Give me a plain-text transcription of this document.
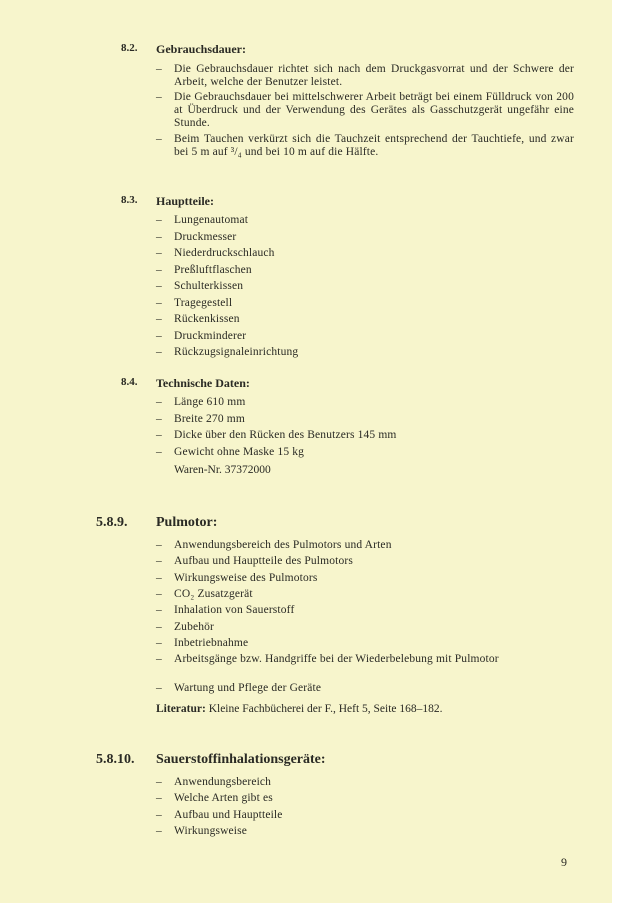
8.2. Gebrauchsdauer:
– Die Gebrauchsdauer richtet sich nach dem Druckgasvorrat und der Schwere der Arbeit, welche der Benutzer leistet.
– Die Gebrauchsdauer bei mittelschwerer Arbeit beträgt bei einem Fülldruck von 200 at Überdruck und der Verwendung des Gerätes als Gasschutzgerät ungefähr eine Stunde.
– Beim Tauchen verkürzt sich die Tauchzeit entsprechend der Tauchtiefe, und zwar bei 5 m auf ³/₄ und bei 10 m auf die Hälfte.
8.3. Hauptteile:
– Lungenautomat
– Druckmesser
– Niederdruckschlauch
– Preßluftflaschen
– Schulterkissen
– Tragegestell
– Rückenkissen
– Druckminderer
– Rückzugsignaleinrichtung
8.4. Technische Daten:
– Länge 610 mm
– Breite 270 mm
– Dicke über den Rücken des Benutzers 145 mm
– Gewicht ohne Maske 15 kg
Waren-Nr. 37372000
5.8.9. Pulmotor:
– Anwendungsbereich des Pulmotors und Arten
– Aufbau und Hauptteile des Pulmotors
– Wirkungsweise des Pulmotors
– CO₂ Zusatzgerät
– Inhalation von Sauerstoff
– Zubehör
– Inbetriebnahme
– Arbeitsgänge bzw. Handgriffe bei der Wiederbelebung mit Pulmotor
– Wartung und Pflege der Geräte
Literatur: Kleine Fachbücherei der F., Heft 5, Seite 168–182.
5.8.10. Sauerstoffinhalationsgeräte:
– Anwendungsbereich
– Welche Arten gibt es
– Aufbau und Hauptteile
– Wirkungsweise
9
